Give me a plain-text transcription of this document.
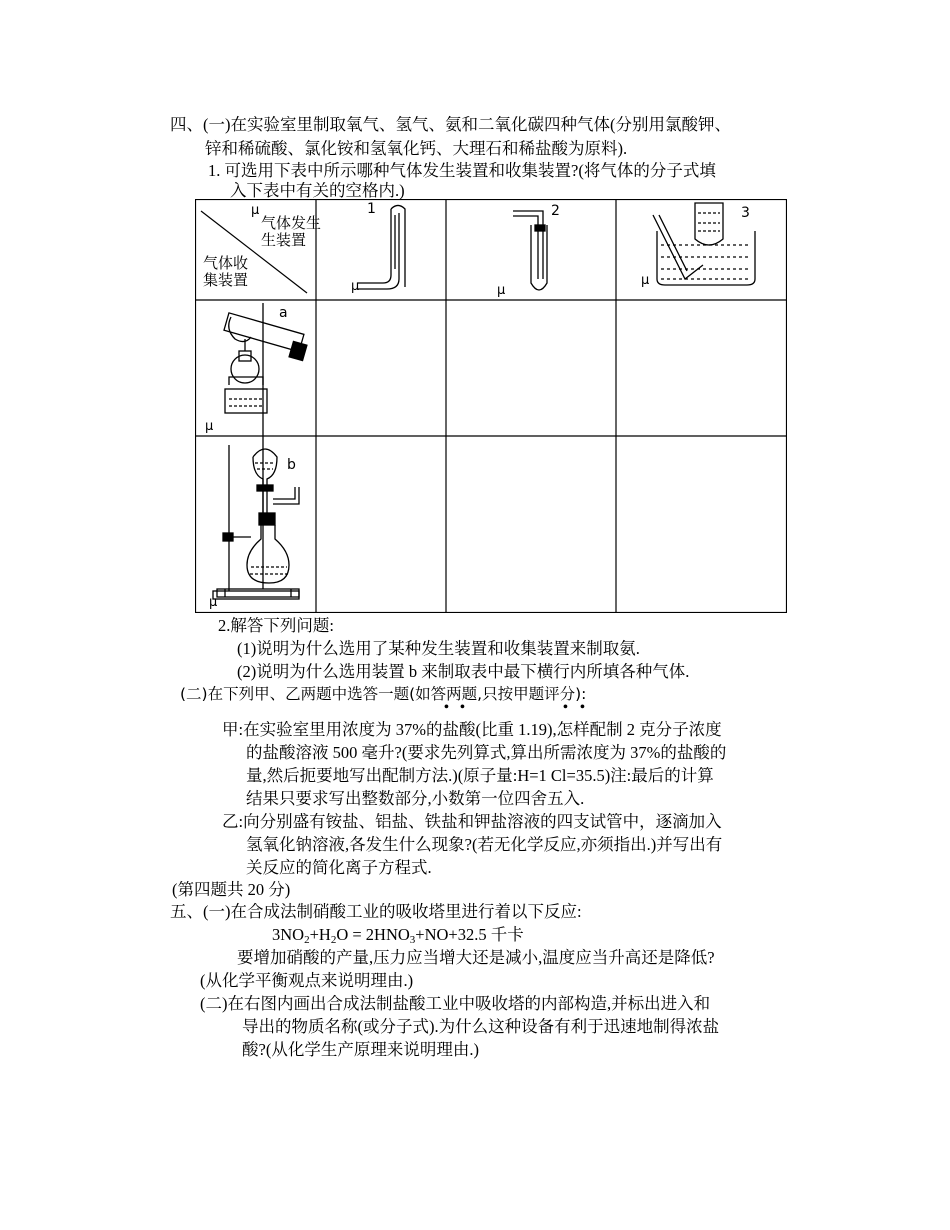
四、(一)在实验室里制取氧气、氢气、氨和二氧化碳四种气体(分别用氯酸钾、
锌和稀硫酸、氯化铵和氢氧化钙、大理石和稀盐酸为原料).
1. 可选用下表中所示哪种气体发生装置和收集装置?(将气体的分子式填
入下表中有关的空格内.)
μ
气体发生
生装置
气体收
集装置
1
μ
2
μ
3
μ
a
μ
b
μ
2.解答下列问题:
(1)说明为什么选用了某种发生装置和收集装置来制取氨.
(2)说明为什么选用装置 b 来制取表中最下横行内所填各种气体.
(二)在下列甲、乙两题中选答一题(如答两题,只按甲题评分):
• •	• •
甲:在实验室里用浓度为 37%的盐酸(比重 1.19),怎样配制 2 克分子浓度
的盐酸溶液 500 毫升?(要求先列算式,算出所需浓度为 37%的盐酸的
量,然后扼要地写出配制方法.)(原子量:H=1 Cl=35.5)注:最后的计算
结果只要求写出整数部分,小数第一位四舍五入.
乙:向分别盛有铵盐、铝盐、铁盐和钾盐溶液的四支试管中，逐滴加入
氢氧化钠溶液,各发生什么现象?(若无化学反应,亦须指出.)并写出有
关反应的简化离子方程式.
(第四题共 20 分)
五、(一)在合成法制硝酸工业的吸收塔里进行着以下反应:
$3NO_2+H_2O = 2HNO_3+NO+32.5$ 千卡
要增加硝酸的产量,压力应当增大还是减小,温度应当升高还是降低?
(从化学平衡观点来说明理由.)
(二)在右图内画出合成法制盐酸工业中吸收塔的内部构造,并标出进入和
导出的物质名称(或分子式).为什么这种设备有利于迅速地制得浓盐
酸?(从化学生产原理来说明理由.)
